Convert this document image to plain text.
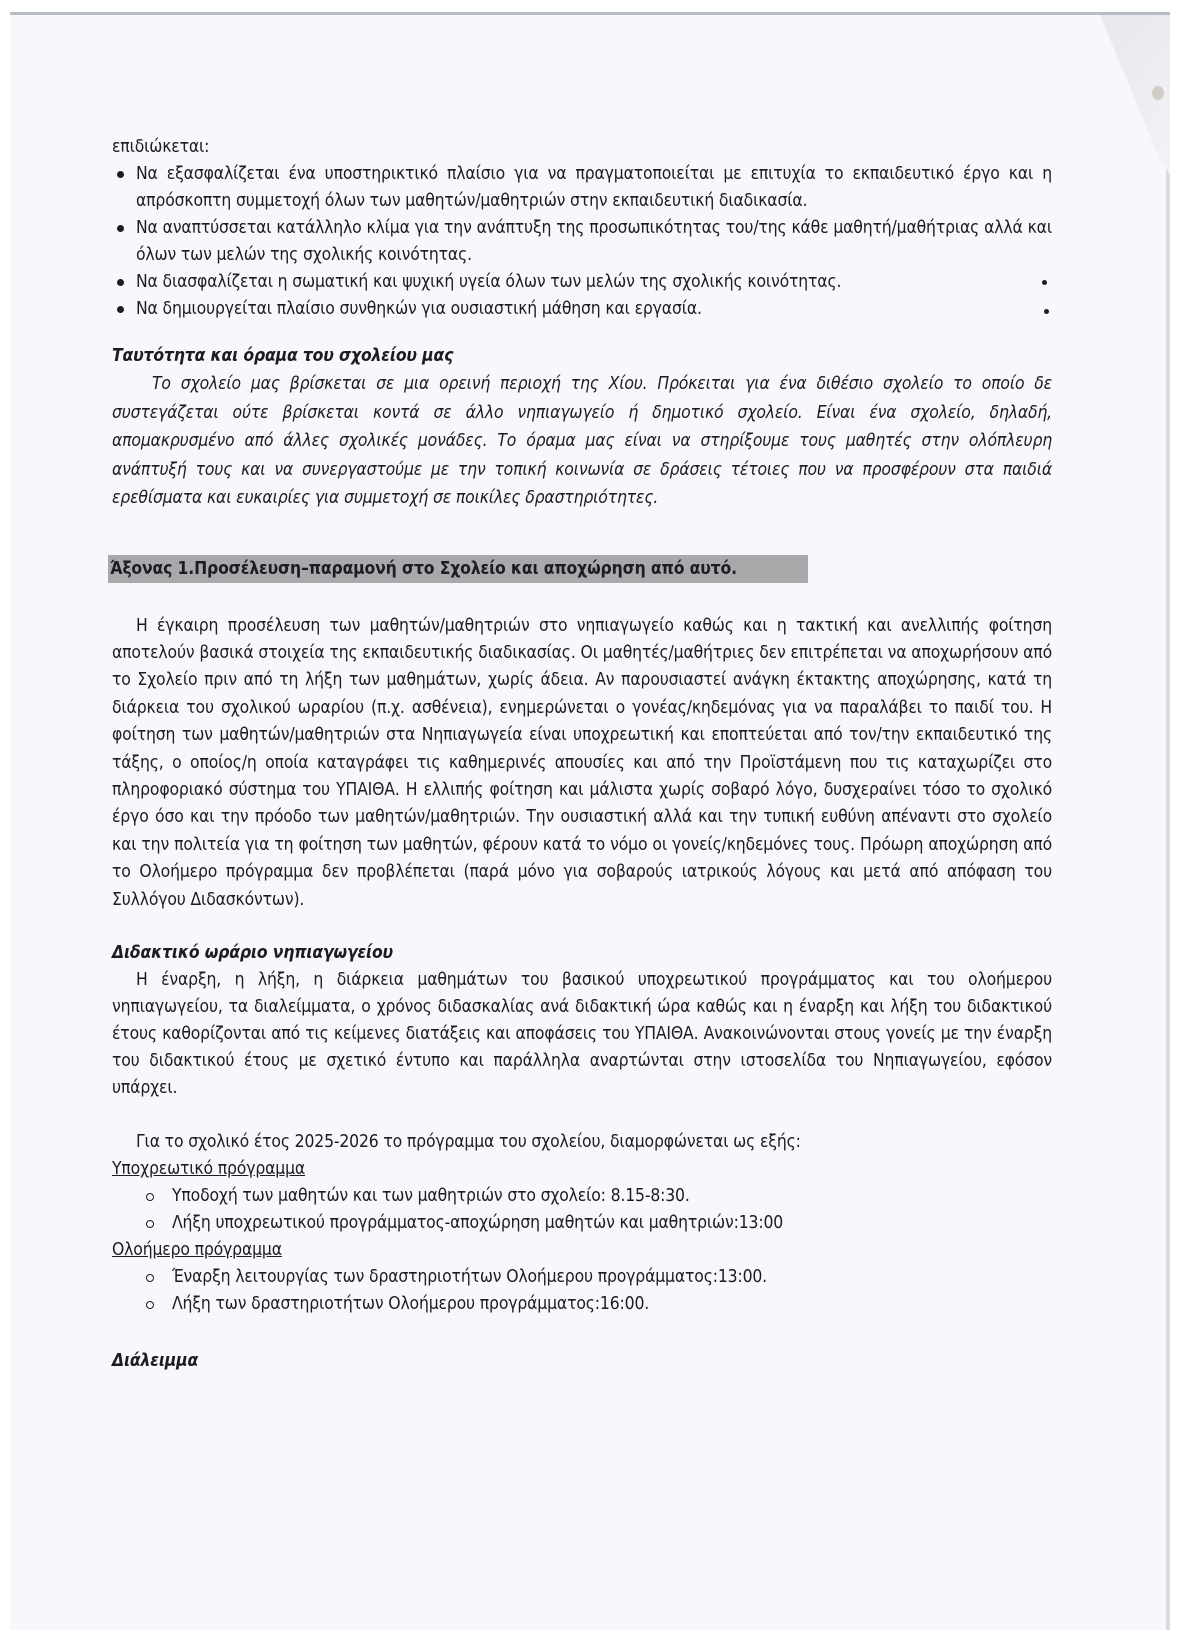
επιδιώκεται:

Να εξασφαλίζεται ένα υποστηρικτικό πλαίσιο για να πραγματοποιείται με επιτυχία το εκπαιδευτικό έργο και η απρόσκοπτη συμμετοχή όλων των μαθητών/μαθητριών στην εκπαιδευτική διαδικασία.
Να αναπτύσσεται κατάλληλο κλίμα για την ανάπτυξη της προσωπικότητας του/της κάθε μαθητή/μαθήτριας αλλά και όλων των μελών της σχολικής κοινότητας.
Να διασφαλίζεται η σωματική και ψυχική υγεία όλων των μελών της σχολικής κοινότητας.
Να δημιουργείται πλαίσιο συνθηκών για ουσιαστική μάθηση και εργασία.

Ταυτότητα και όραμα του σχολείου μας

Το σχολείο μας βρίσκεται σε μια ορεινή περιοχή της Χίου. Πρόκειται για ένα διθέσιο σχολείο το οποίο δε συστεγάζεται ούτε βρίσκεται κοντά σε άλλο νηπιαγωγείο ή δημοτικό σχολείο. Είναι ένα σχολείο, δηλαδή, απομακρυσμένο από άλλες σχολικές μονάδες. Το όραμα μας είναι να στηρίξουμε τους μαθητές στην ολόπλευρη ανάπτυξή τους και να συνεργαστούμε με την τοπική κοινωνία σε δράσεις τέτοιες που να προσφέρουν στα παιδιά ερεθίσματα και ευκαιρίες για συμμετοχή σε ποικίλες δραστηριότητες.

Άξονας 1.Προσέλευση–παραμονή στο Σχολείο και αποχώρηση από αυτό.

Η έγκαιρη προσέλευση των μαθητών/μαθητριών στο νηπιαγωγείο καθώς και η τακτική και ανελλιπής φοίτηση αποτελούν βασικά στοιχεία της εκπαιδευτικής διαδικασίας. Οι μαθητές/μαθήτριες δεν επιτρέπεται να αποχωρήσουν από το Σχολείο πριν από τη λήξη των μαθημάτων, χωρίς άδεια. Αν παρουσιαστεί ανάγκη έκτακτης αποχώρησης, κατά τη διάρκεια του σχολικού ωραρίου (π.χ. ασθένεια), ενημερώνεται ο γονέας/κηδεμόνας για να παραλάβει το παιδί του. Η φοίτηση των μαθητών/μαθητριών στα Νηπιαγωγεία είναι υποχρεωτική και εποπτεύεται από τον/την εκπαιδευτικό της τάξης, ο οποίος/η οποία καταγράφει τις καθημερινές απουσίες και από την Προϊστάμενη που τις καταχωρίζει στο πληροφοριακό σύστημα του ΥΠΑΙΘΑ. Η ελλιπής φοίτηση και μάλιστα χωρίς σοβαρό λόγο, δυσχεραίνει τόσο το σχολικό έργο όσο και την πρόοδο των μαθητών/μαθητριών. Την ουσιαστική αλλά και την τυπική ευθύνη απέναντι στο σχολείο και την πολιτεία για τη φοίτηση των μαθητών, φέρουν κατά το νόμο οι γονείς/κηδεμόνες τους. Πρόωρη αποχώρηση από το Ολοήμερο πρόγραμμα δεν προβλέπεται (παρά μόνο για σοβαρούς ιατρικούς λόγους και μετά από απόφαση του Συλλόγου Διδασκόντων).

Διδακτικό ωράριο νηπιαγωγείου

Η έναρξη, η λήξη, η διάρκεια μαθημάτων του βασικού υποχρεωτικού προγράμματος και του ολοήμερου νηπιαγωγείου, τα διαλείμματα, ο χρόνος διδασκαλίας ανά διδακτική ώρα καθώς και η έναρξη και λήξη του διδακτικού έτους καθορίζονται από τις κείμενες διατάξεις και αποφάσεις του ΥΠΑΙΘΑ. Ανακοινώνονται στους γονείς με την έναρξη του διδακτικού έτους με σχετικό έντυπο και παράλληλα αναρτώνται στην ιστοσελίδα του Νηπιαγωγείου, εφόσον υπάρχει.

Για το σχολικό έτος 2025-2026 το πρόγραμμα του σχολείου, διαμορφώνεται ως εξής:

Υποχρεωτικό πρόγραμμα

Υποδοχή των μαθητών και των μαθητριών στο σχολείο: 8.15-8:30.
Λήξη υποχρεωτικού προγράμματος-αποχώρηση μαθητών και μαθητριών:13:00

Ολοήμερο πρόγραμμα

Έναρξη λειτουργίας των δραστηριοτήτων Ολοήμερου προγράμματος:13:00.
Λήξη των δραστηριοτήτων Ολοήμερου προγράμματος:16:00.

Διάλειμμα
